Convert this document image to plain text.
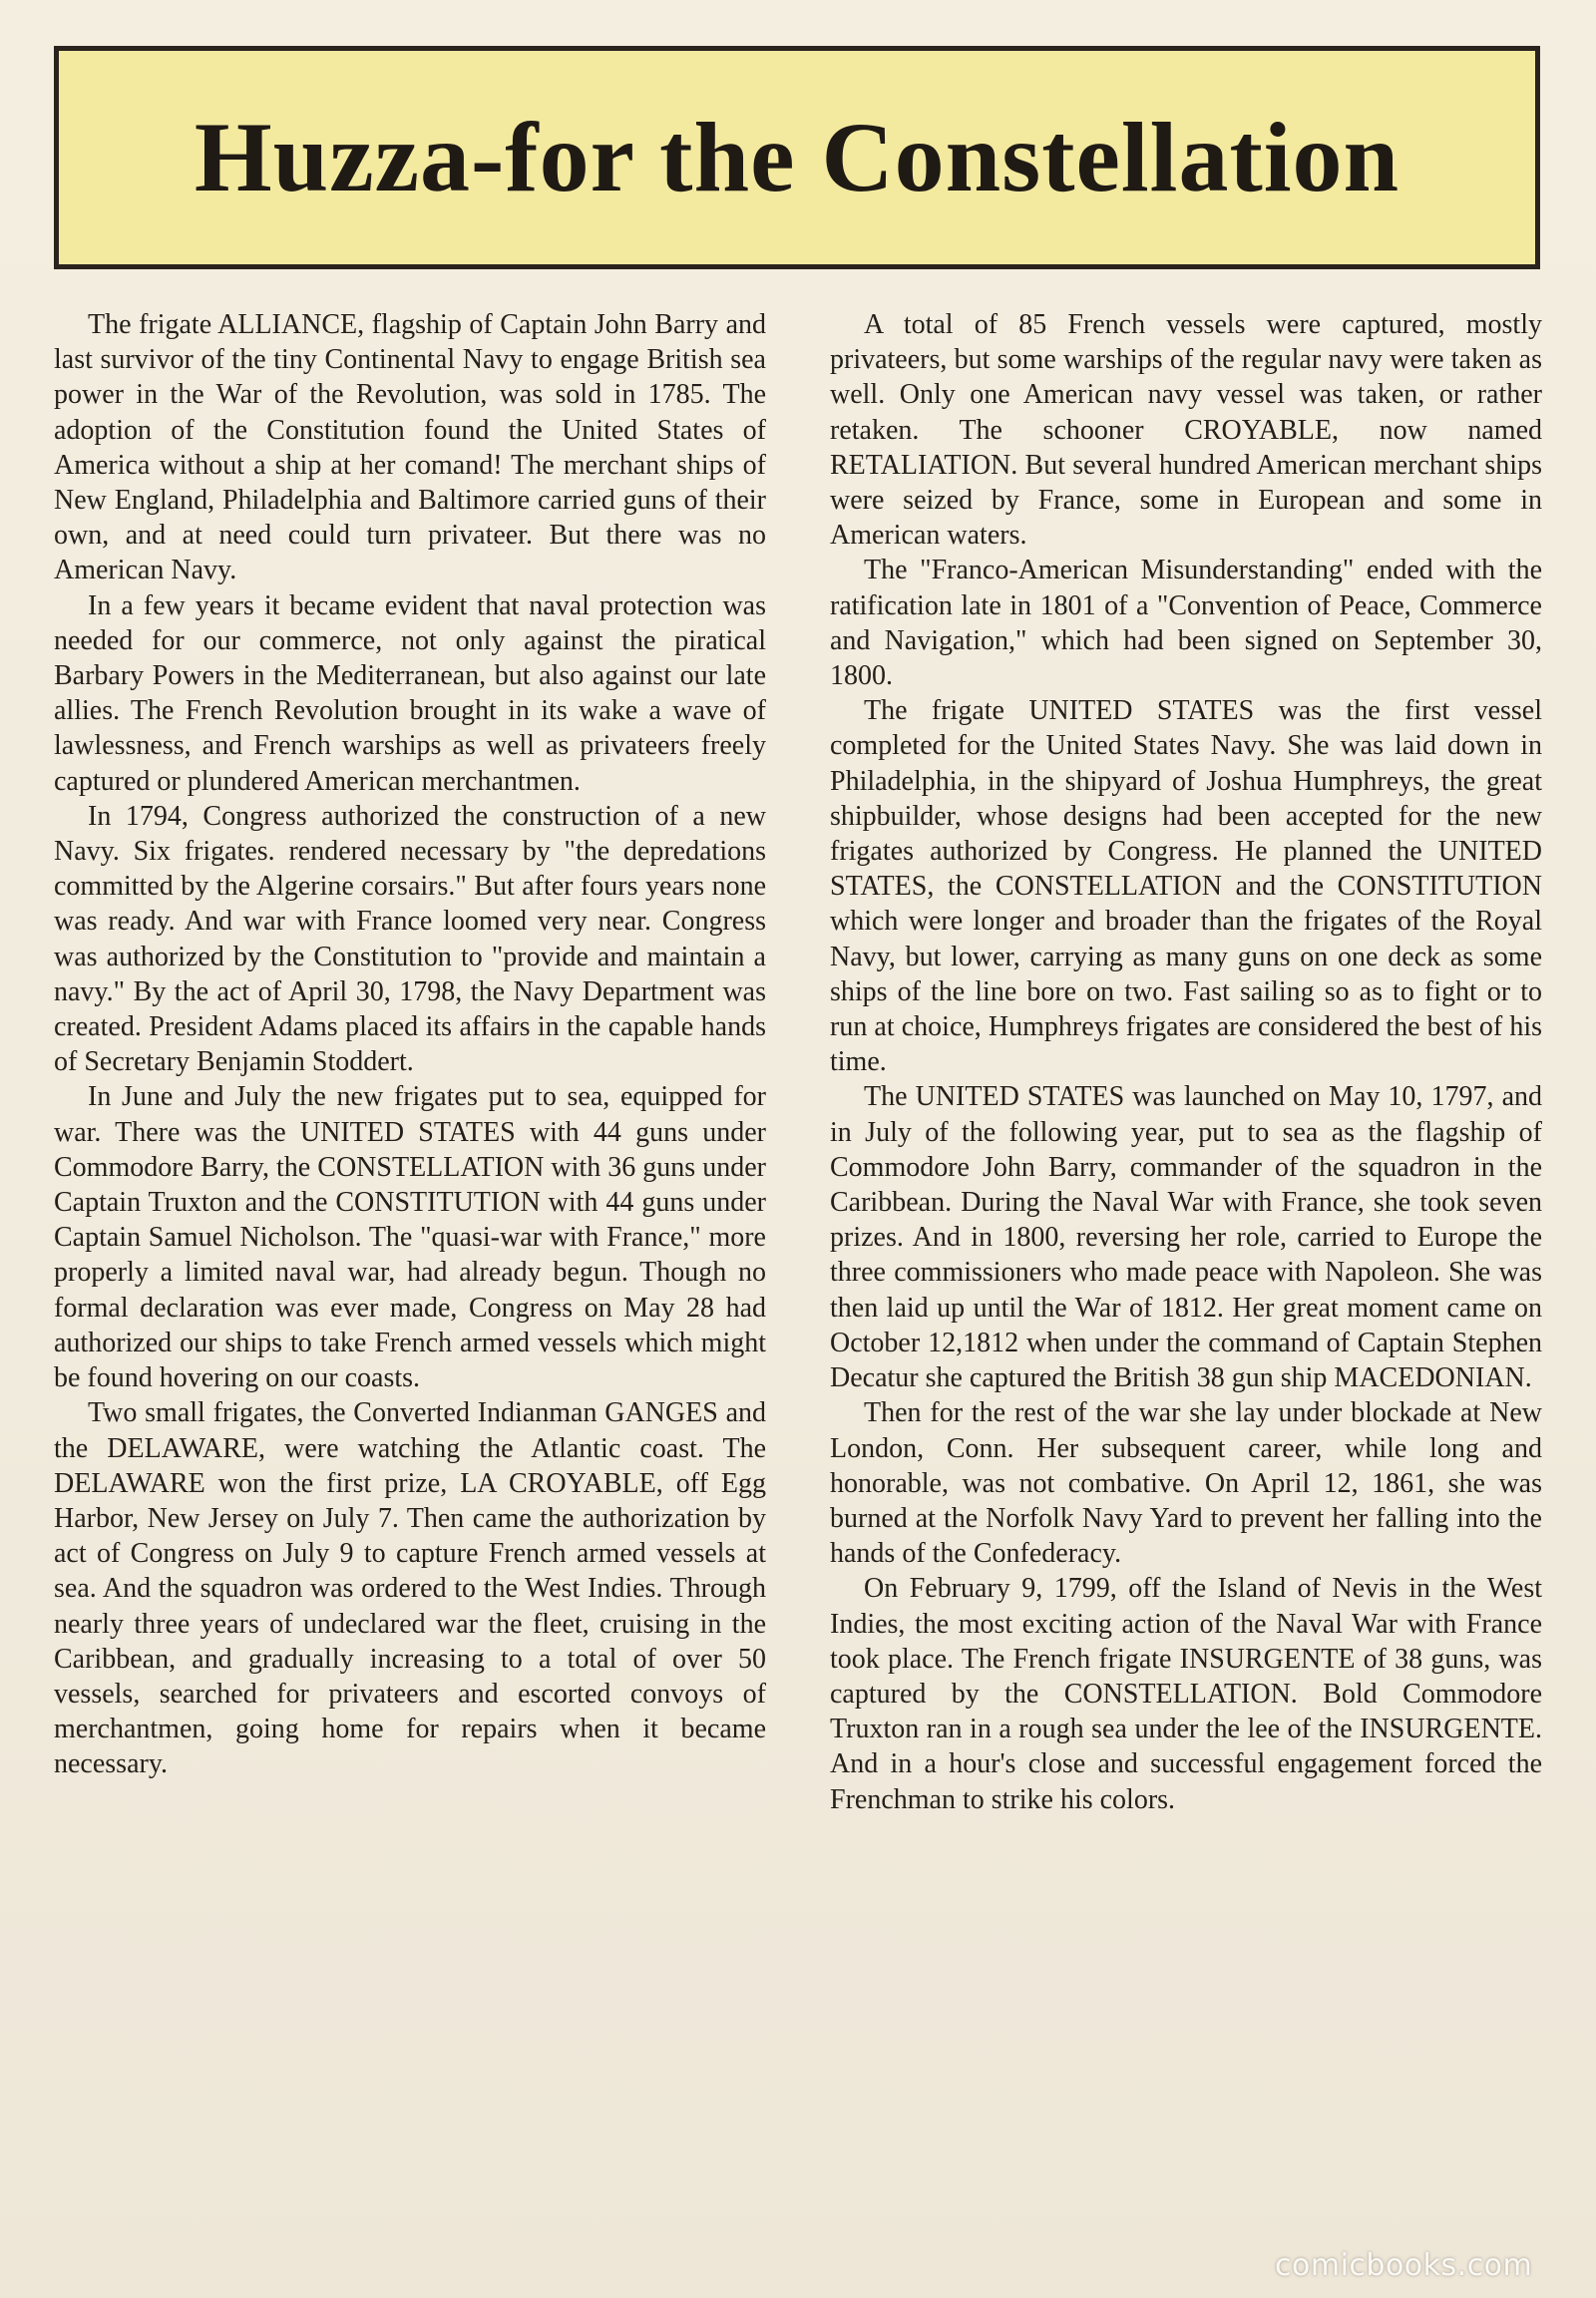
Huzza-for the Constellation

The frigate ALLIANCE, flagship of Captain John Barry and last survivor of the tiny Continental Navy to engage British sea power in the War of the Revolution, was sold in 1785. The adoption of the Constitution found the United States of America without a ship at her comand! The merchant ships of New England, Philadelphia and Baltimore carried guns of their own, and at need could turn privateer. But there was no American Navy.

In a few years it became evident that naval protection was needed for our commerce, not only against the piratical Barbary Powers in the Mediterranean, but also against our late allies. The French Revolution brought in its wake a wave of lawlessness, and French warships as well as privateers freely captured or plundered American merchantmen.

In 1794, Congress authorized the construction of a new Navy. Six frigates. rendered necessary by "the depredations committed by the Algerine corsairs." But after fours years none was ready. And war with France loomed very near. Congress was authorized by the Constitution to "provide and maintain a navy." By the act of April 30, 1798, the Navy Department was created. President Adams placed its affairs in the capable hands of Secretary Benjamin Stoddert.

In June and July the new frigates put to sea, equipped for war. There was the UNITED STATES with 44 guns under Commodore Barry, the CONSTELLATION with 36 guns under Captain Truxton and the CONSTITUTION with 44 guns under Captain Samuel Nicholson. The "quasi-war with France," more properly a limited naval war, had already begun. Though no formal declaration was ever made, Congress on May 28 had authorized our ships to take French armed vessels which might be found hovering on our coasts.

Two small frigates, the Converted Indianman GANGES and the DELAWARE, were watching the Atlantic coast. The DELAWARE won the first prize, LA CROYABLE, off Egg Harbor, New Jersey on July 7. Then came the authorization by act of Congress on July 9 to capture French armed vessels at sea. And the squadron was ordered to the West Indies. Through nearly three years of undeclared war the fleet, cruising in the Caribbean, and gradually increasing to a total of over 50 vessels, searched for privateers and escorted convoys of merchantmen, going home for repairs when it became necessary.

A total of 85 French vessels were captured, mostly privateers, but some warships of the regular navy were taken as well. Only one American navy vessel was taken, or rather retaken. The schooner CROYABLE, now named RETALIATION. But several hundred American merchant ships were seized by France, some in European and some in American waters.

The "Franco-American Misunderstanding" ended with the ratification late in 1801 of a "Convention of Peace, Commerce and Navigation," which had been signed on September 30, 1800.

The frigate UNITED STATES was the first vessel completed for the United States Navy. She was laid down in Philadelphia, in the shipyard of Joshua Humphreys, the great shipbuilder, whose designs had been accepted for the new frigates authorized by Congress. He planned the UNITED STATES, the CONSTELLATION and the CONSTITUTION which were longer and broader than the frigates of the Royal Navy, but lower, carrying as many guns on one deck as some ships of the line bore on two. Fast sailing so as to fight or to run at choice, Humphreys frigates are considered the best of his time.

The UNITED STATES was launched on May 10, 1797, and in July of the following year, put to sea as the flagship of Commodore John Barry, commander of the squadron in the Caribbean. During the Naval War with France, she took seven prizes. And in 1800, reversing her role, carried to Europe the three commissioners who made peace with Napoleon. She was then laid up until the War of 1812. Her great moment came on October 12,1812 when under the command of Captain Stephen Decatur she captured the British 38 gun ship MACEDONIAN.

Then for the rest of the war she lay under blockade at New London, Conn. Her subsequent career, while long and honorable, was not combative. On April 12, 1861, she was burned at the Norfolk Navy Yard to prevent her falling into the hands of the Confederacy.

On February 9, 1799, off the Island of Nevis in the West Indies, the most exciting action of the Naval War with France took place. The French frigate INSURGENTE of 38 guns, was captured by the CONSTELLATION. Bold Commodore Truxton ran in a rough sea under the lee of the INSURGENTE. And in a hour's close and successful engagement forced the Frenchman to strike his colors.

comicbooks.com
